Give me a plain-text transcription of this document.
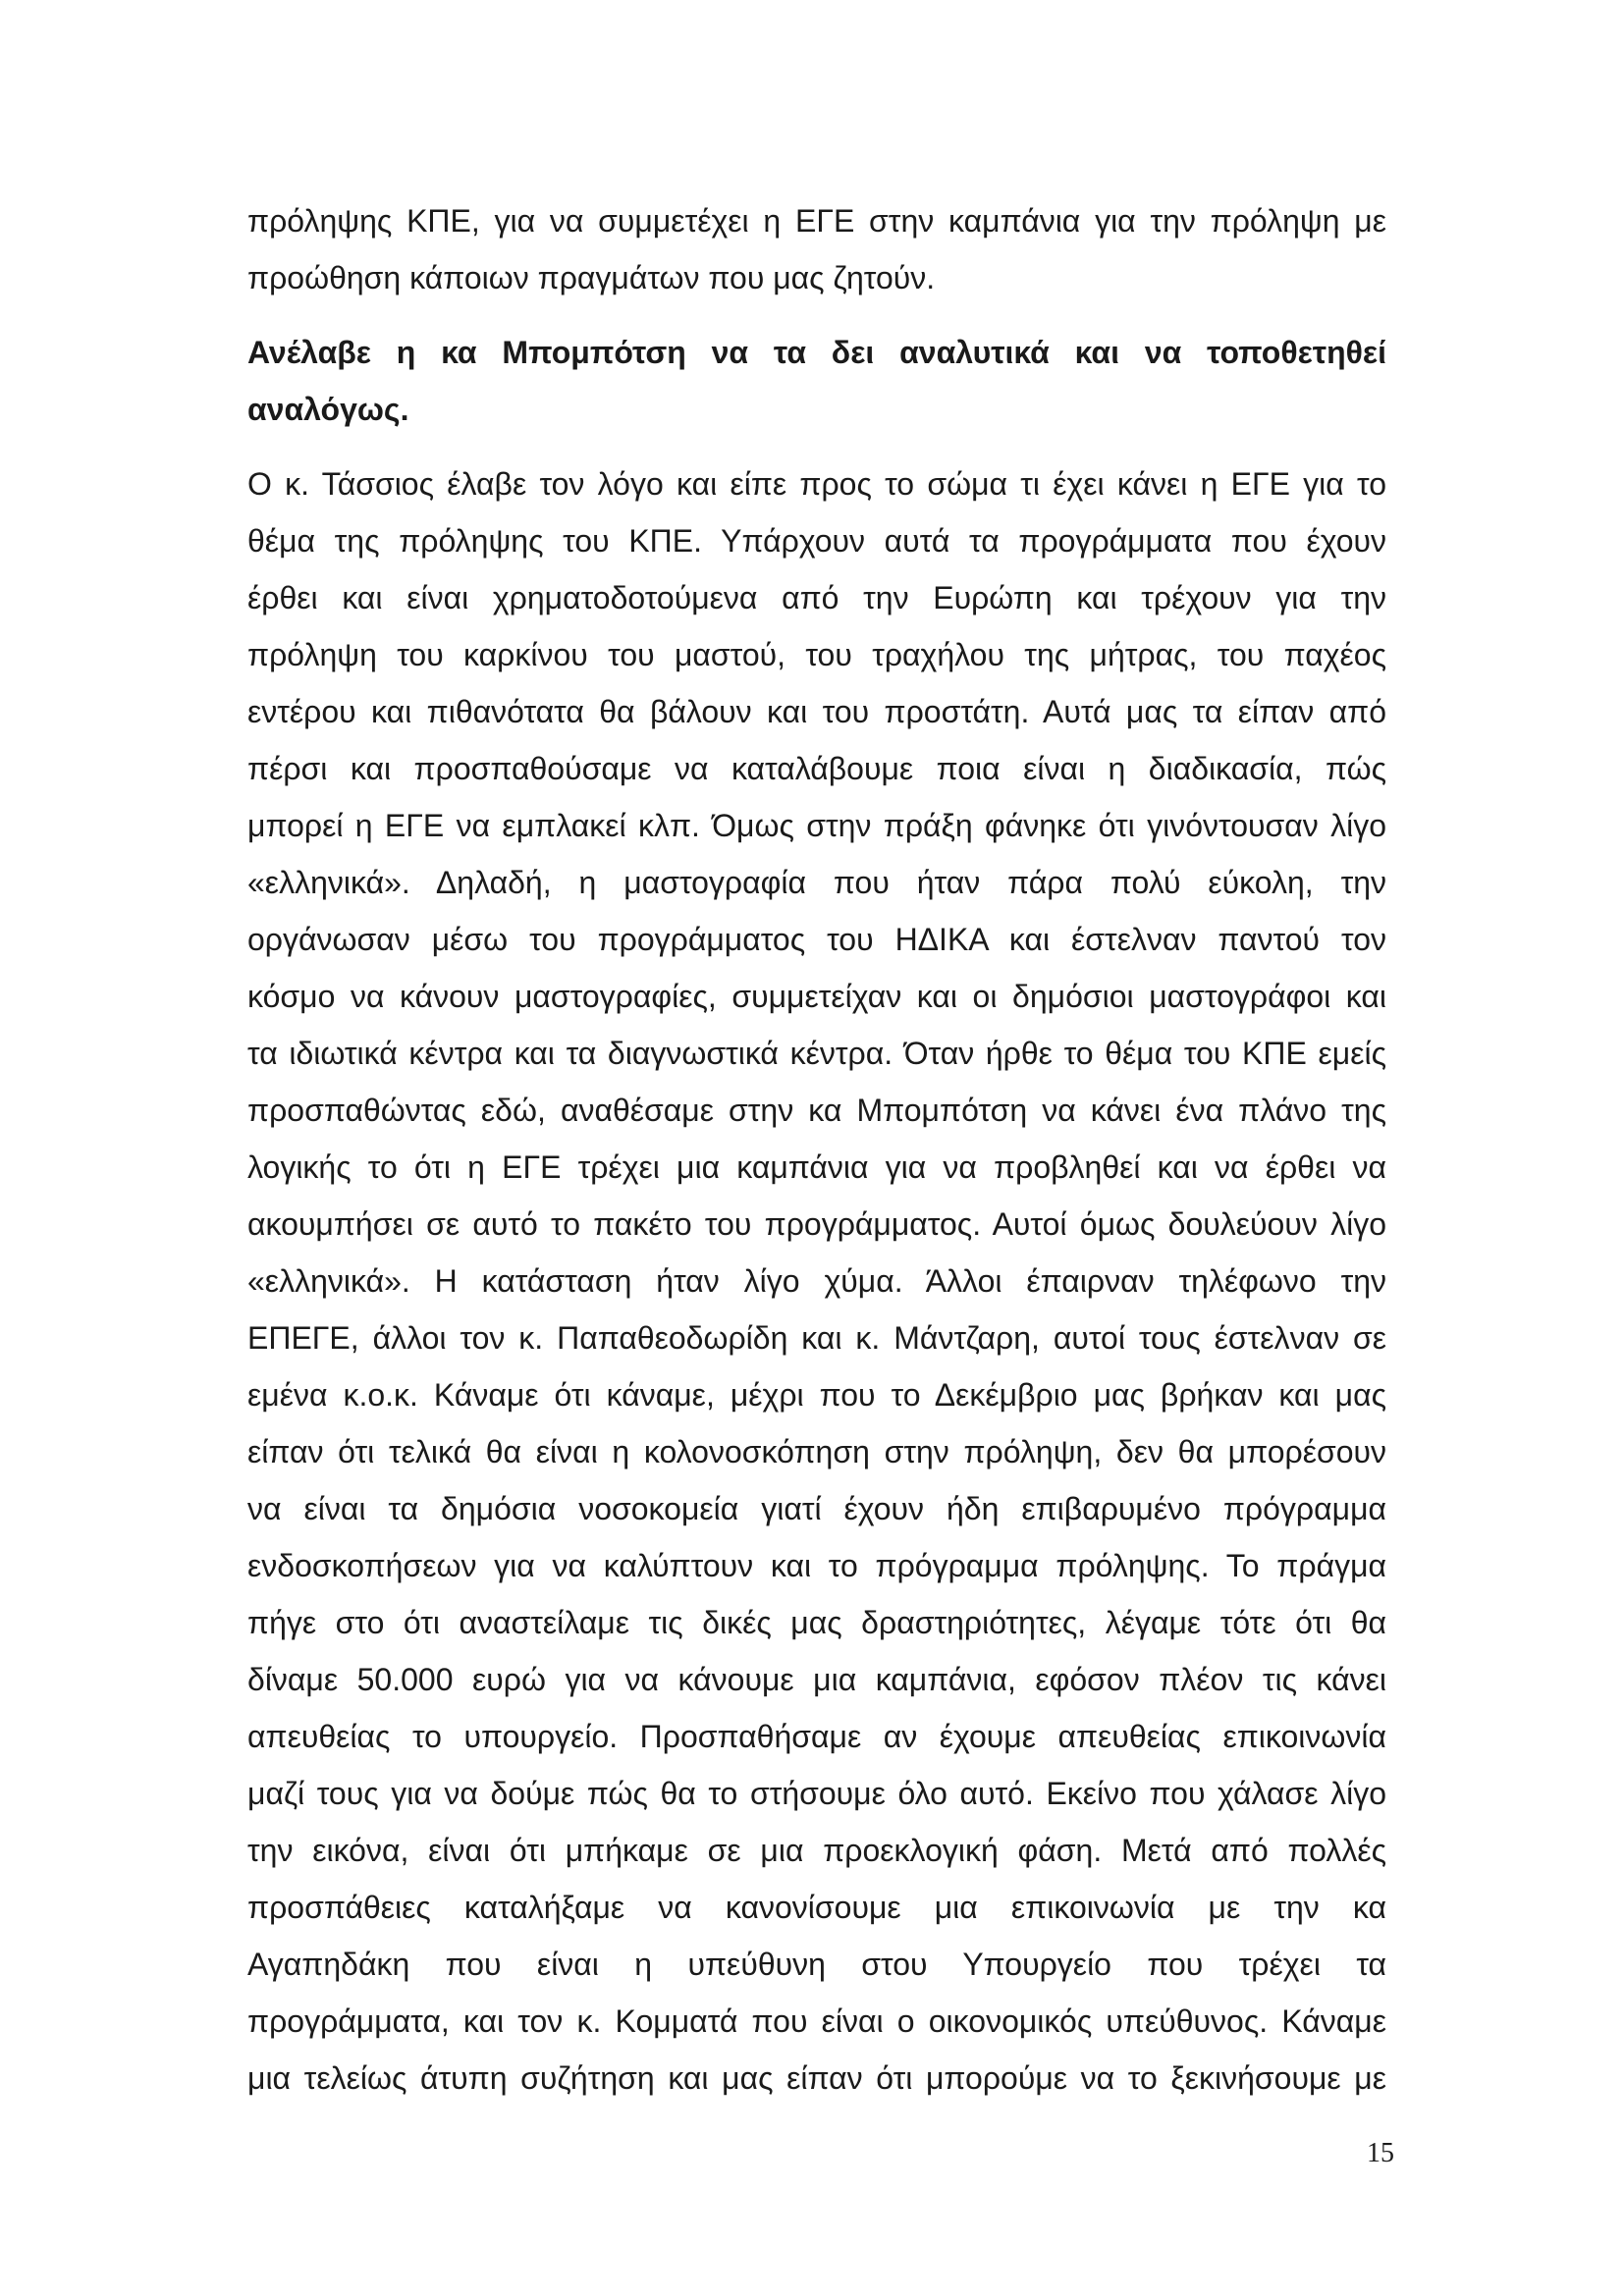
πρόληψης ΚΠΕ, για να συμμετέχει η ΕΓΕ στην καμπάνια για την πρόληψη με
προώθηση κάποιων πραγμάτων που μας ζητούν.
Ανέλαβε η κα Μπομπότση να τα δει αναλυτικά και να τοποθετηθεί
αναλόγως.
Ο κ. Τάσσιος έλαβε τον λόγο και είπε προς το σώμα τι έχει κάνει η ΕΓΕ για το
θέμα της πρόληψης του ΚΠΕ. Υπάρχουν αυτά τα προγράμματα που έχουν
έρθει και είναι χρηματοδοτούμενα από την Ευρώπη και τρέχουν για την
πρόληψη του καρκίνου του μαστού, του τραχήλου της μήτρας, του παχέος
εντέρου και πιθανότατα θα βάλουν και του προστάτη. Αυτά μας τα είπαν από
πέρσι και προσπαθούσαμε να καταλάβουμε ποια είναι η διαδικασία, πώς
μπορεί η ΕΓΕ να εμπλακεί κλπ. Όμως στην πράξη φάνηκε ότι γινόντουσαν λίγο
«ελληνικά». Δηλαδή, η μαστογραφία που ήταν πάρα πολύ εύκολη, την
οργάνωσαν μέσω του προγράμματος του ΗΔΙΚΑ και έστελναν παντού τον
κόσμο να κάνουν μαστογραφίες, συμμετείχαν και οι δημόσιοι μαστογράφοι και
τα ιδιωτικά κέντρα και τα διαγνωστικά κέντρα. Όταν ήρθε το θέμα του ΚΠΕ εμείς
προσπαθώντας εδώ, αναθέσαμε στην κα Μπομπότση να κάνει ένα πλάνο της
λογικής το ότι η ΕΓΕ τρέχει μια καμπάνια για να προβληθεί και να έρθει να
ακουμπήσει σε αυτό το πακέτο του προγράμματος. Αυτοί όμως δουλεύουν λίγο
«ελληνικά». Η κατάσταση ήταν λίγο χύμα. Άλλοι έπαιρναν τηλέφωνο την
ΕΠΕΓΕ, άλλοι τον κ. Παπαθεοδωρίδη και κ. Μάντζαρη, αυτοί τους έστελναν σε
εμένα κ.ο.κ. Κάναμε ότι κάναμε, μέχρι που το Δεκέμβριο μας βρήκαν και μας
είπαν ότι τελικά θα είναι η κολονοσκόπηση στην πρόληψη, δεν θα μπορέσουν
να είναι τα δημόσια νοσοκομεία γιατί έχουν ήδη επιβαρυμένο πρόγραμμα
ενδοσκοπήσεων για να καλύπτουν και το πρόγραμμα πρόληψης. Το πράγμα
πήγε στο ότι αναστείλαμε τις δικές μας δραστηριότητες, λέγαμε τότε ότι θα
δίναμε 50.000 ευρώ για να κάνουμε μια καμπάνια, εφόσον πλέον τις κάνει
απευθείας το υπουργείο. Προσπαθήσαμε αν έχουμε απευθείας επικοινωνία
μαζί τους για να δούμε πώς θα το στήσουμε όλο αυτό. Εκείνο που χάλασε λίγο
την εικόνα, είναι ότι μπήκαμε σε μια προεκλογική φάση. Μετά από πολλές
προσπάθειες καταλήξαμε να κανονίσουμε μια επικοινωνία με την κα
Αγαπηδάκη που είναι η υπεύθυνη στου Υπουργείο που τρέχει τα
προγράμματα, και τον κ. Κομματά που είναι ο οικονομικός υπεύθυνος. Κάναμε
μια τελείως άτυπη συζήτηση και μας είπαν ότι μπορούμε να το ξεκινήσουμε με
15
